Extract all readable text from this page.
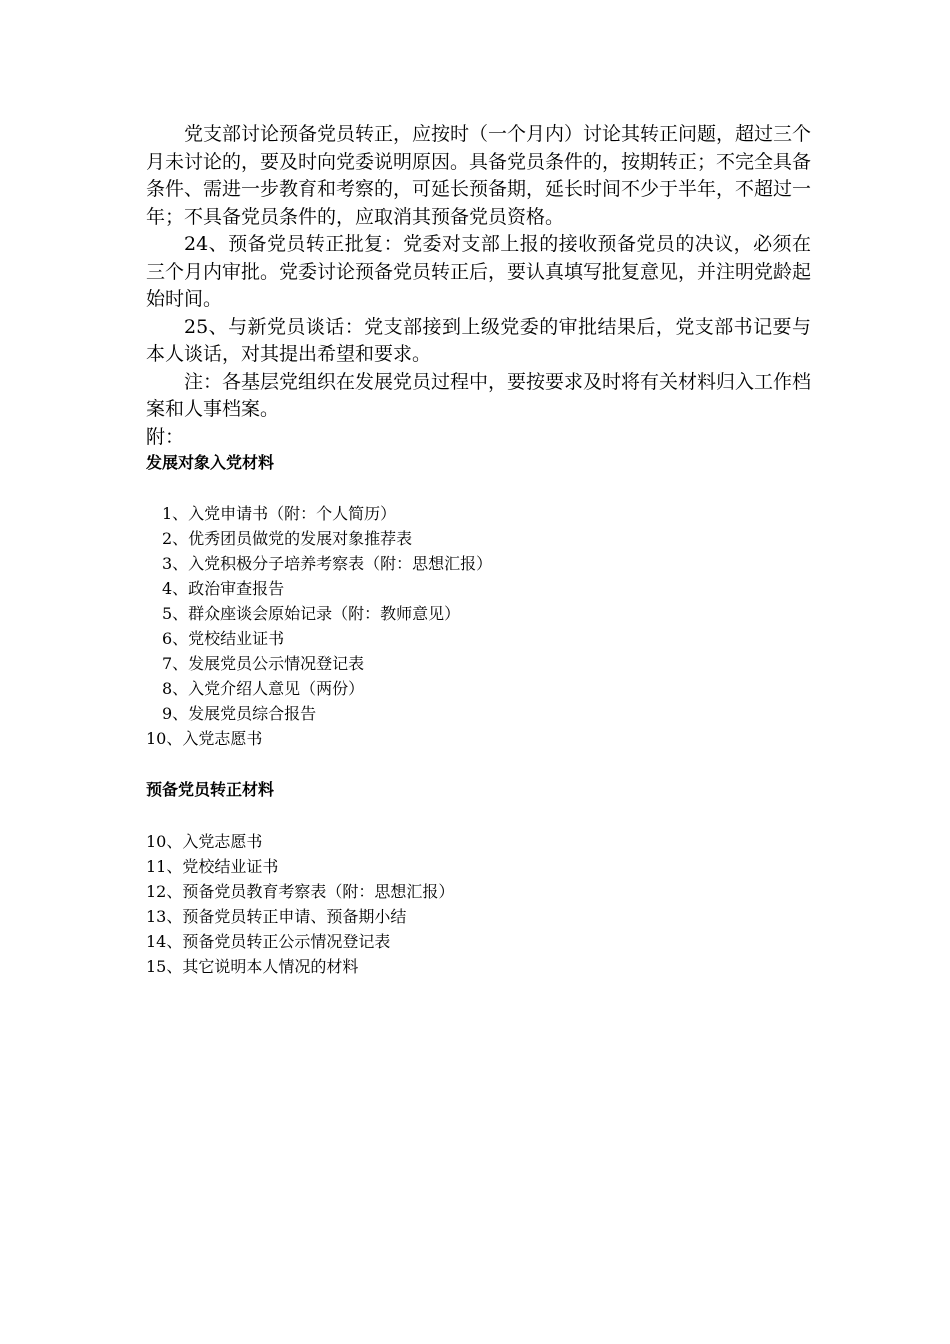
党支部讨论预备党员转正，应按时（一个月内）讨论其转正问题，超过三个月未讨论的，要及时向党委说明原因。具备党员条件的，按期转正；不完全具备条件、需进一步教育和考察的，可延长预备期，延长时间不少于半年，不超过一年；不具备党员条件的，应取消其预备党员资格。

24、预备党员转正批复：党委对支部上报的接收预备党员的决议，必须在三个月内审批。党委讨论预备党员转正后，要认真填写批复意见，并注明党龄起始时间。

25、与新党员谈话：党支部接到上级党委的审批结果后，党支部书记要与本人谈话，对其提出希望和要求。

注：各基层党组织在发展党员过程中，要按要求及时将有关材料归入工作档案和人事档案。

附：

发展对象入党材料
1、入党申请书（附：个人简历）
2、优秀团员做党的发展对象推荐表
3、入党积极分子培养考察表（附：思想汇报）
4、政治审查报告
5、群众座谈会原始记录（附：教师意见）
6、党校结业证书
7、发展党员公示情况登记表
8、入党介绍人意见（两份）
9、发展党员综合报告
10、入党志愿书
预备党员转正材料
10、入党志愿书
11、党校结业证书
12、预备党员教育考察表（附：思想汇报）
13、预备党员转正申请、预备期小结
14、预备党员转正公示情况登记表
15、其它说明本人情况的材料
